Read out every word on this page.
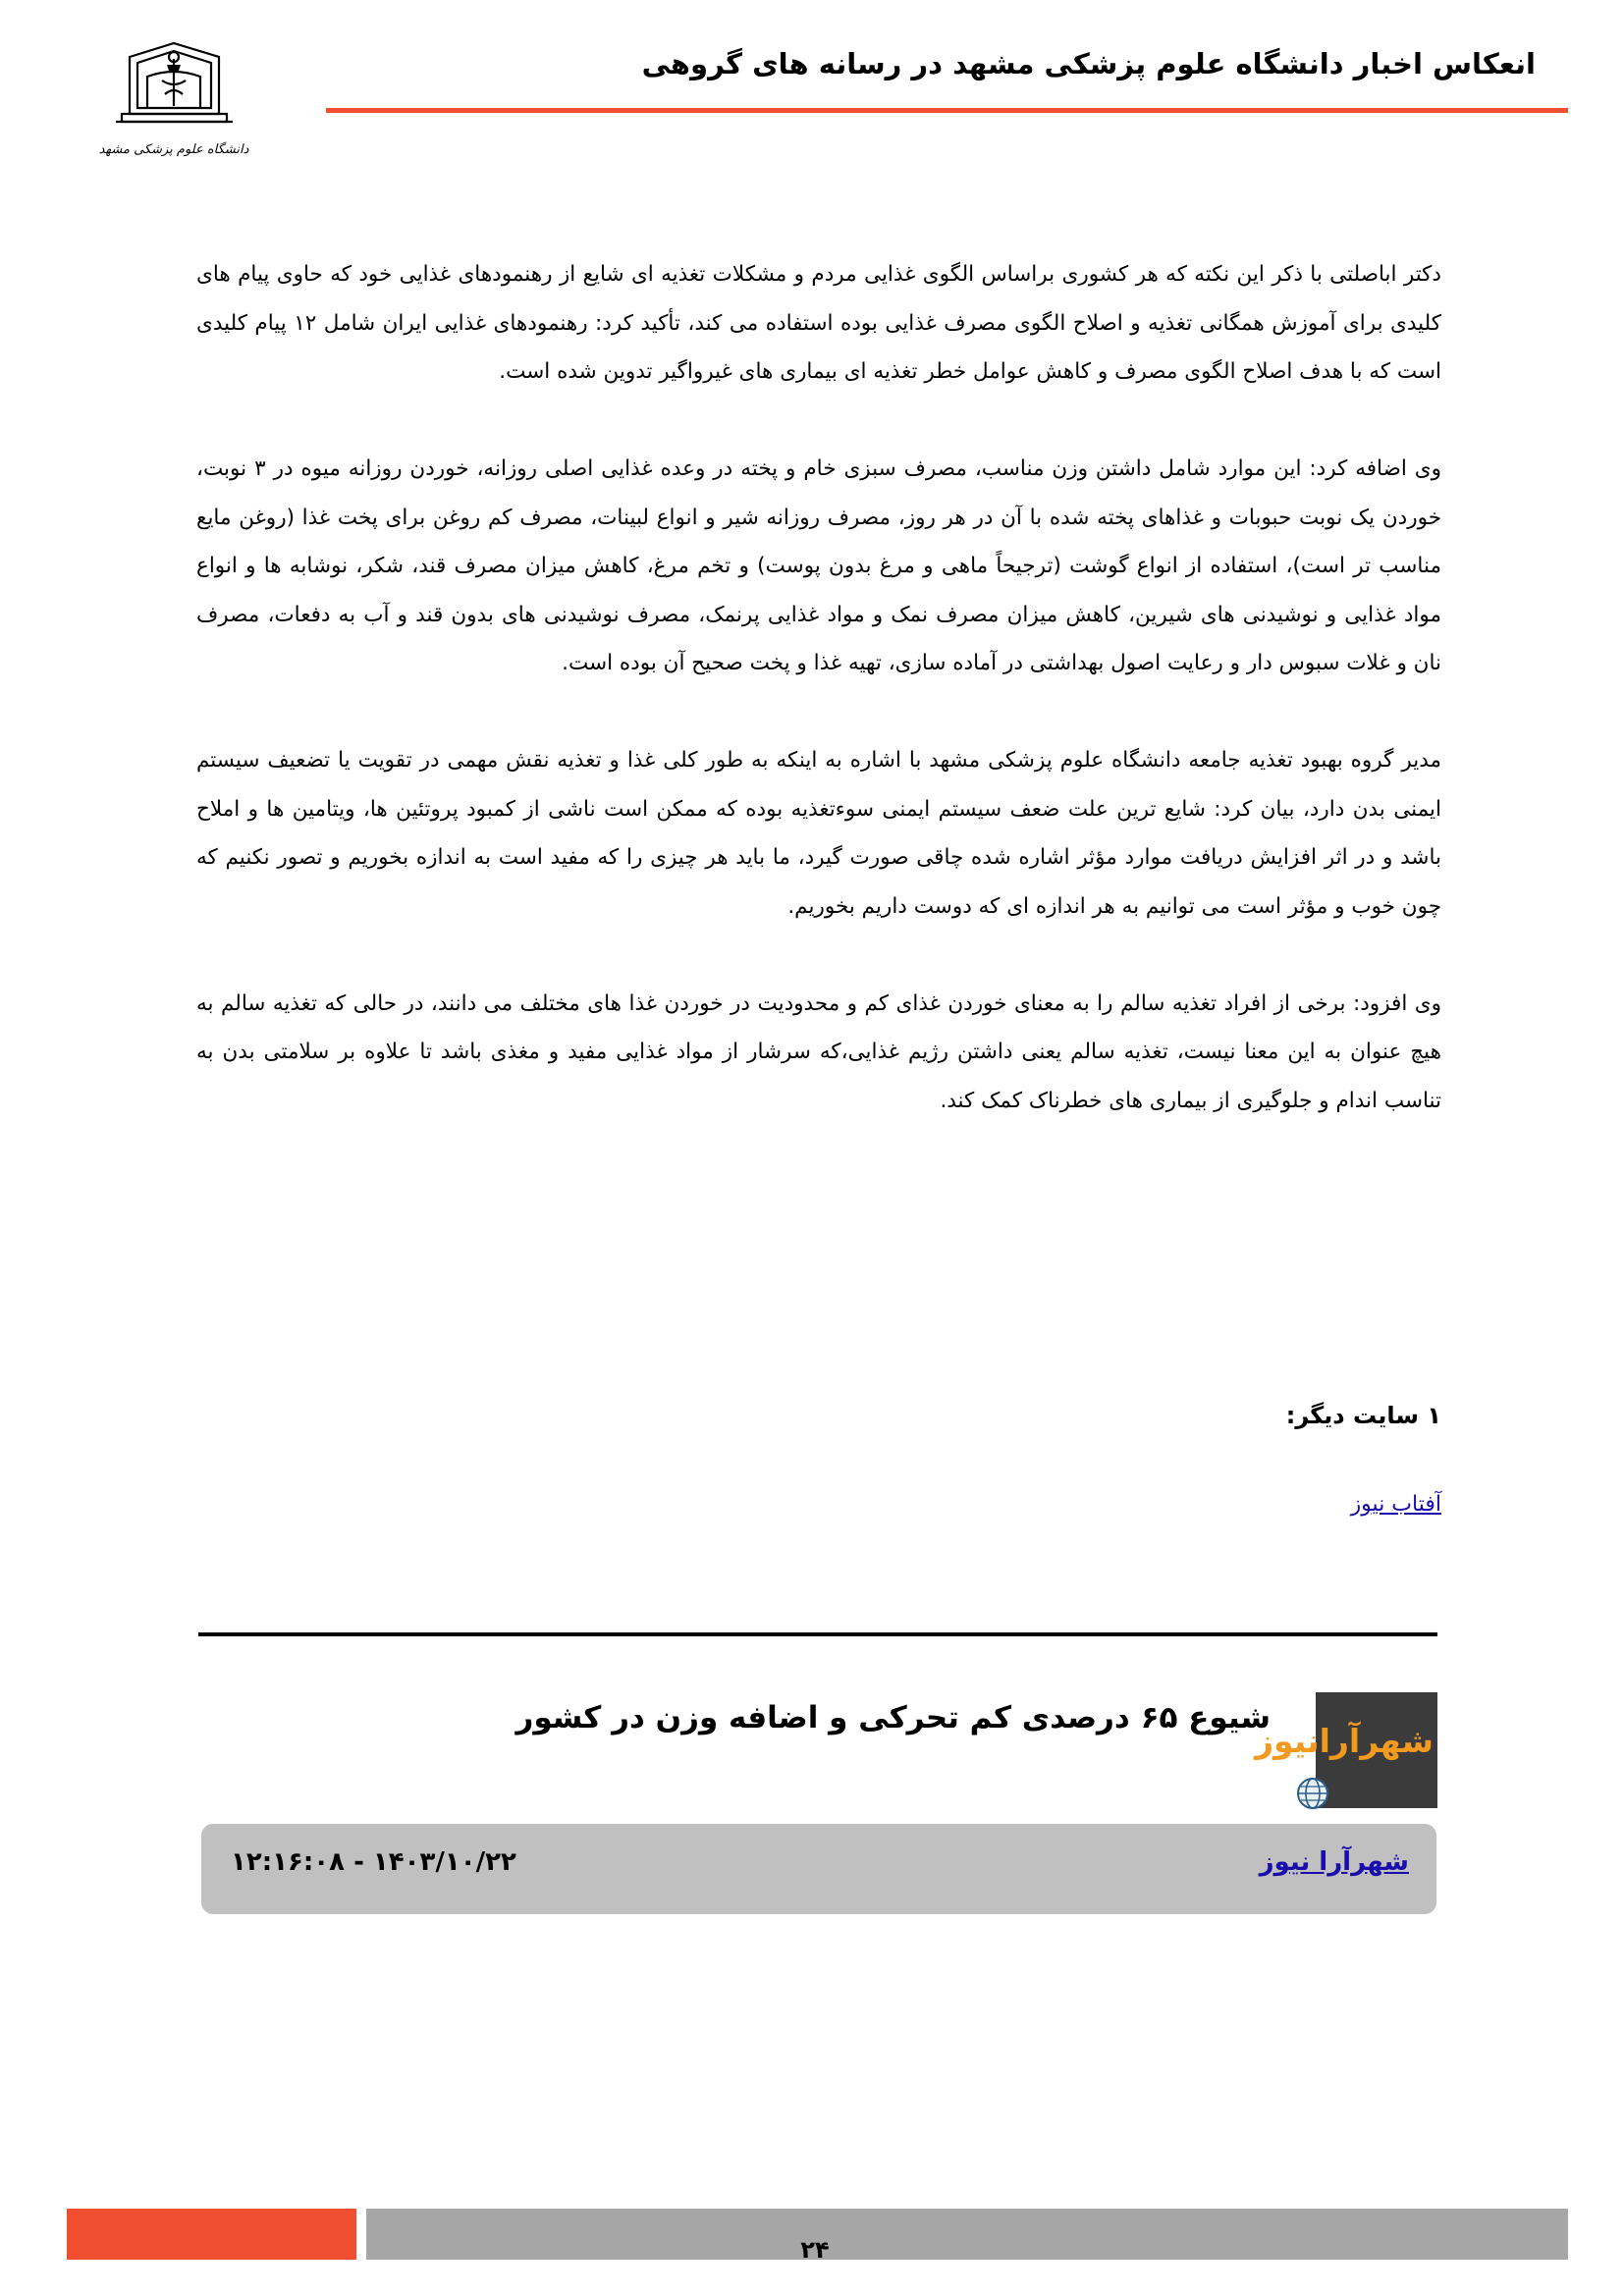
انعکاس اخبار دانشگاه علوم پزشکی مشهد در رسانه های گروهی
دانشگاه علوم پزشکی مشهد

دکتر اباصلتی با ذکر این نکته که هر کشوری براساس الگوی غذایی مردم و مشکلات تغذیه ای شایع از رهنمودهای غذایی خود که حاوی پیام های کلیدی برای آموزش همگانی تغذیه و اصلاح الگوی مصرف غذایی بوده استفاده می کند، تأکید کرد: رهنمودهای غذایی ایران شامل ۱۲ پیام کلیدی است که با هدف اصلاح الگوی مصرف و کاهش عوامل خطر تغذیه ای بیماری های غیرواگیر تدوین شده است.

وی اضافه کرد: این موارد شامل داشتن وزن مناسب، مصرف سبزی خام و پخته در وعده غذایی اصلی روزانه، خوردن روزانه میوه در ۳ نوبت، خوردن یک نوبت حبوبات و غذاهای پخته شده با آن در هر روز، مصرف روزانه شیر و انواع لبینات، مصرف کم روغن برای پخت غذا (روغن مایع مناسب تر است)، استفاده از انواع گوشت (ترجیحاً ماهی و مرغ بدون پوست) و تخم مرغ، کاهش میزان مصرف قند، شکر، نوشابه ها و انواع مواد غذایی و نوشیدنی های شیرین، کاهش میزان مصرف نمک و مواد غذایی پرنمک، مصرف نوشیدنی های بدون قند و آب به دفعات، مصرف نان و غلات سبوس دار و رعایت اصول بهداشتی در آماده سازی، تهیه غذا و پخت صحیح آن بوده است.

مدیر گروه بهبود تغذیه جامعه دانشگاه علوم پزشکی مشهد با اشاره به اینکه به طور کلی غذا و تغذیه نقش مهمی در تقویت یا تضعیف سیستم ایمنی بدن دارد، بیان کرد: شایع ترین علت ضعف سیستم ایمنی سوءتغذیه بوده که ممکن است ناشی از کمبود پروتئین ها، ویتامین ها و املاح باشد و در اثر افزایش دریافت موارد مؤثر اشاره شده چاقی صورت گیرد، ما باید هر چیزی را که مفید است به اندازه بخوریم و تصور نکنیم که چون خوب و مؤثر است می توانیم به هر اندازه ای که دوست داریم بخوریم.

وی افزود: برخی از افراد تغذیه سالم را به معنای خوردن غذای کم و محدودیت در خوردن غذا های مختلف می دانند، در حالی که تغذیه سالم به هیچ عنوان به این معنا نیست، تغذیه سالم یعنی داشتن رژیم غذایی،که سرشار از مواد غذایی مفید و مغذی باشد تا علاوه بر سلامتی بدن به تناسب اندام و جلوگیری از بیماری های خطرناک کمک کند.

۱ سایت دیگر:
آفتاب نیوز
شهرآرانیوز
شیوع ۶۵ درصدی کم تحرکی و اضافه وزن در کشور
شهرآرا نیوز
۱۴۰۳/۱۰/۲۲ - ۱۲:۱۶:۰۸
۲۴
